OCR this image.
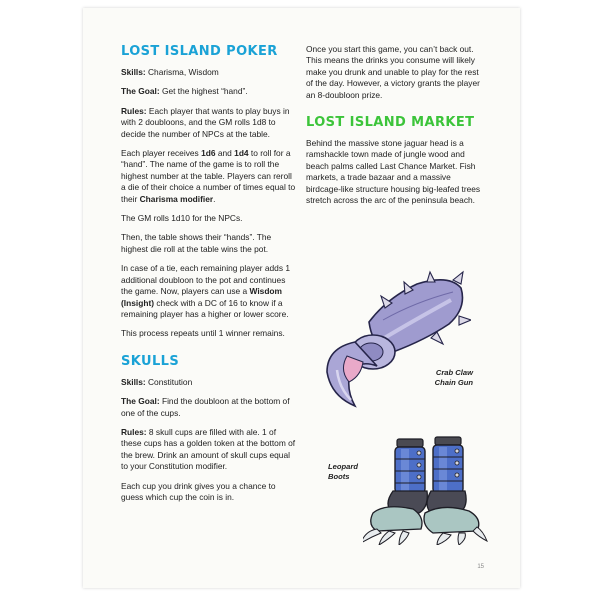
LOST ISLAND POKER
Skills: Charisma, Wisdom
The Goal: Get the highest “hand”.
Rules: Each player that wants to play buys in with 2 doubloons, and the GM rolls 1d8 to decide the number of NPCs at the table.
Each player receives 1d6 and 1d4 to roll for a “hand”. The name of the game is to roll the highest number at the table. Players can reroll a die of their choice a number of times equal to their Charisma modifier.
The GM rolls 1d10 for the NPCs.
Then, the table shows their “hands”. The highest die roll at the table wins the pot.
In case of a tie, each remaining player adds 1 additional doubloon to the pot and continues the game. Now, players can use a Wisdom (Insight) check with a DC of 16 to know if a remaining player has a higher or lower score.
This process repeats until 1 winner remains.
SKULLS
Skills: Constitution
The Goal: Find the doubloon at the bottom of one of the cups.
Rules: 8 skull cups are filled with ale. 1 of these cups has a golden token at the bottom of the brew. Drink an amount of skull cups equal to your Constitution modifier.
Each cup you drink gives you a chance to guess which cup the coin is in.
Once you start this game, you can’t back out. This means the drinks you consume will likely make you drunk and unable to play for the rest of the day. However, a victory grants the player an 8-doubloon prize.
LOST ISLAND MARKET
Behind the massive stone jaguar head is a ramshackle town made of jungle wood and beach palms called Last Chance Market. Fish markets, a trade bazaar and a massive birdcage-like structure housing big-leafed trees stretch across the arc of the peninsula beach.
Crab Claw
Chain Gun
Leopard
Boots
15
